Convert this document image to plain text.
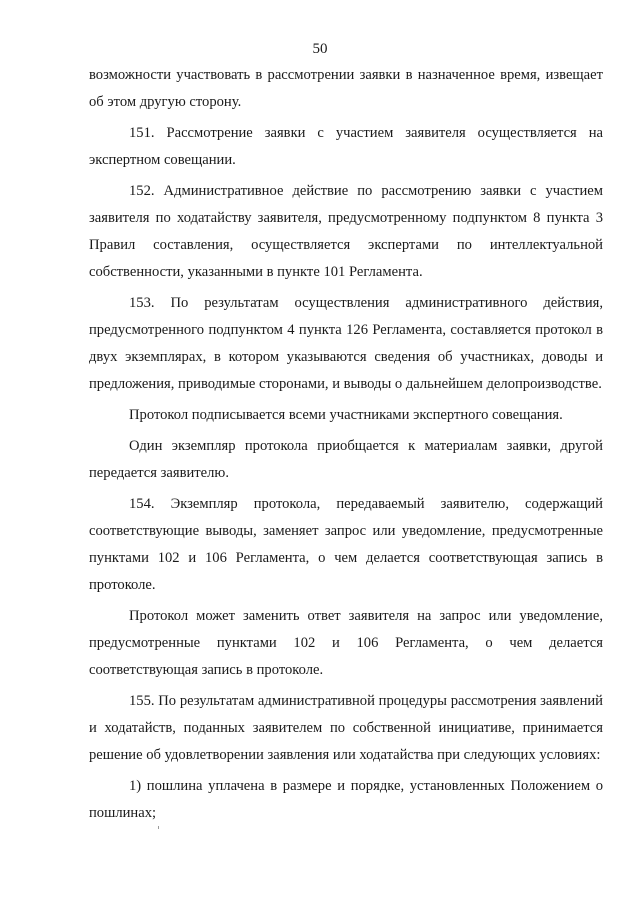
50

возможности участвовать в рассмотрении заявки в назначенное время, извещает об этом другую сторону.

151. Рассмотрение заявки с участием заявителя осуществляется на экспертном совещании.

152. Административное действие по рассмотрению заявки с участием заявителя по ходатайству заявителя, предусмотренному подпунктом 8 пункта 3 Правил составления, осуществляется экспертами по интеллектуальной собственности, указанными в пункте 101 Регламента.

153. По результатам осуществления административного действия, предусмотренного подпунктом 4 пункта 126 Регламента, составляется протокол в двух экземплярах, в котором указываются сведения об участниках, доводы и предложения, приводимые сторонами, и выводы о дальнейшем делопроизводстве.

Протокол подписывается всеми участниками экспертного совещания.

Один экземпляр протокола приобщается к материалам заявки, другой передается заявителю.

154. Экземпляр протокола, передаваемый заявителю, содержащий соответствующие выводы, заменяет запрос или уведомление, предусмотренные пунктами 102 и 106 Регламента, о чем делается соответствующая запись в протоколе.

Протокол может заменить ответ заявителя на запрос или уведомление, предусмотренные пунктами 102 и 106 Регламента, о чем делается соответствующая запись в протоколе.

155. По результатам административной процедуры рассмотрения заявлений и ходатайств, поданных заявителем по собственной инициативе, принимается решение об удовлетворении заявления или ходатайства при следующих условиях:

1) пошлина уплачена в размере и порядке, установленных Положением о пошлинах;
